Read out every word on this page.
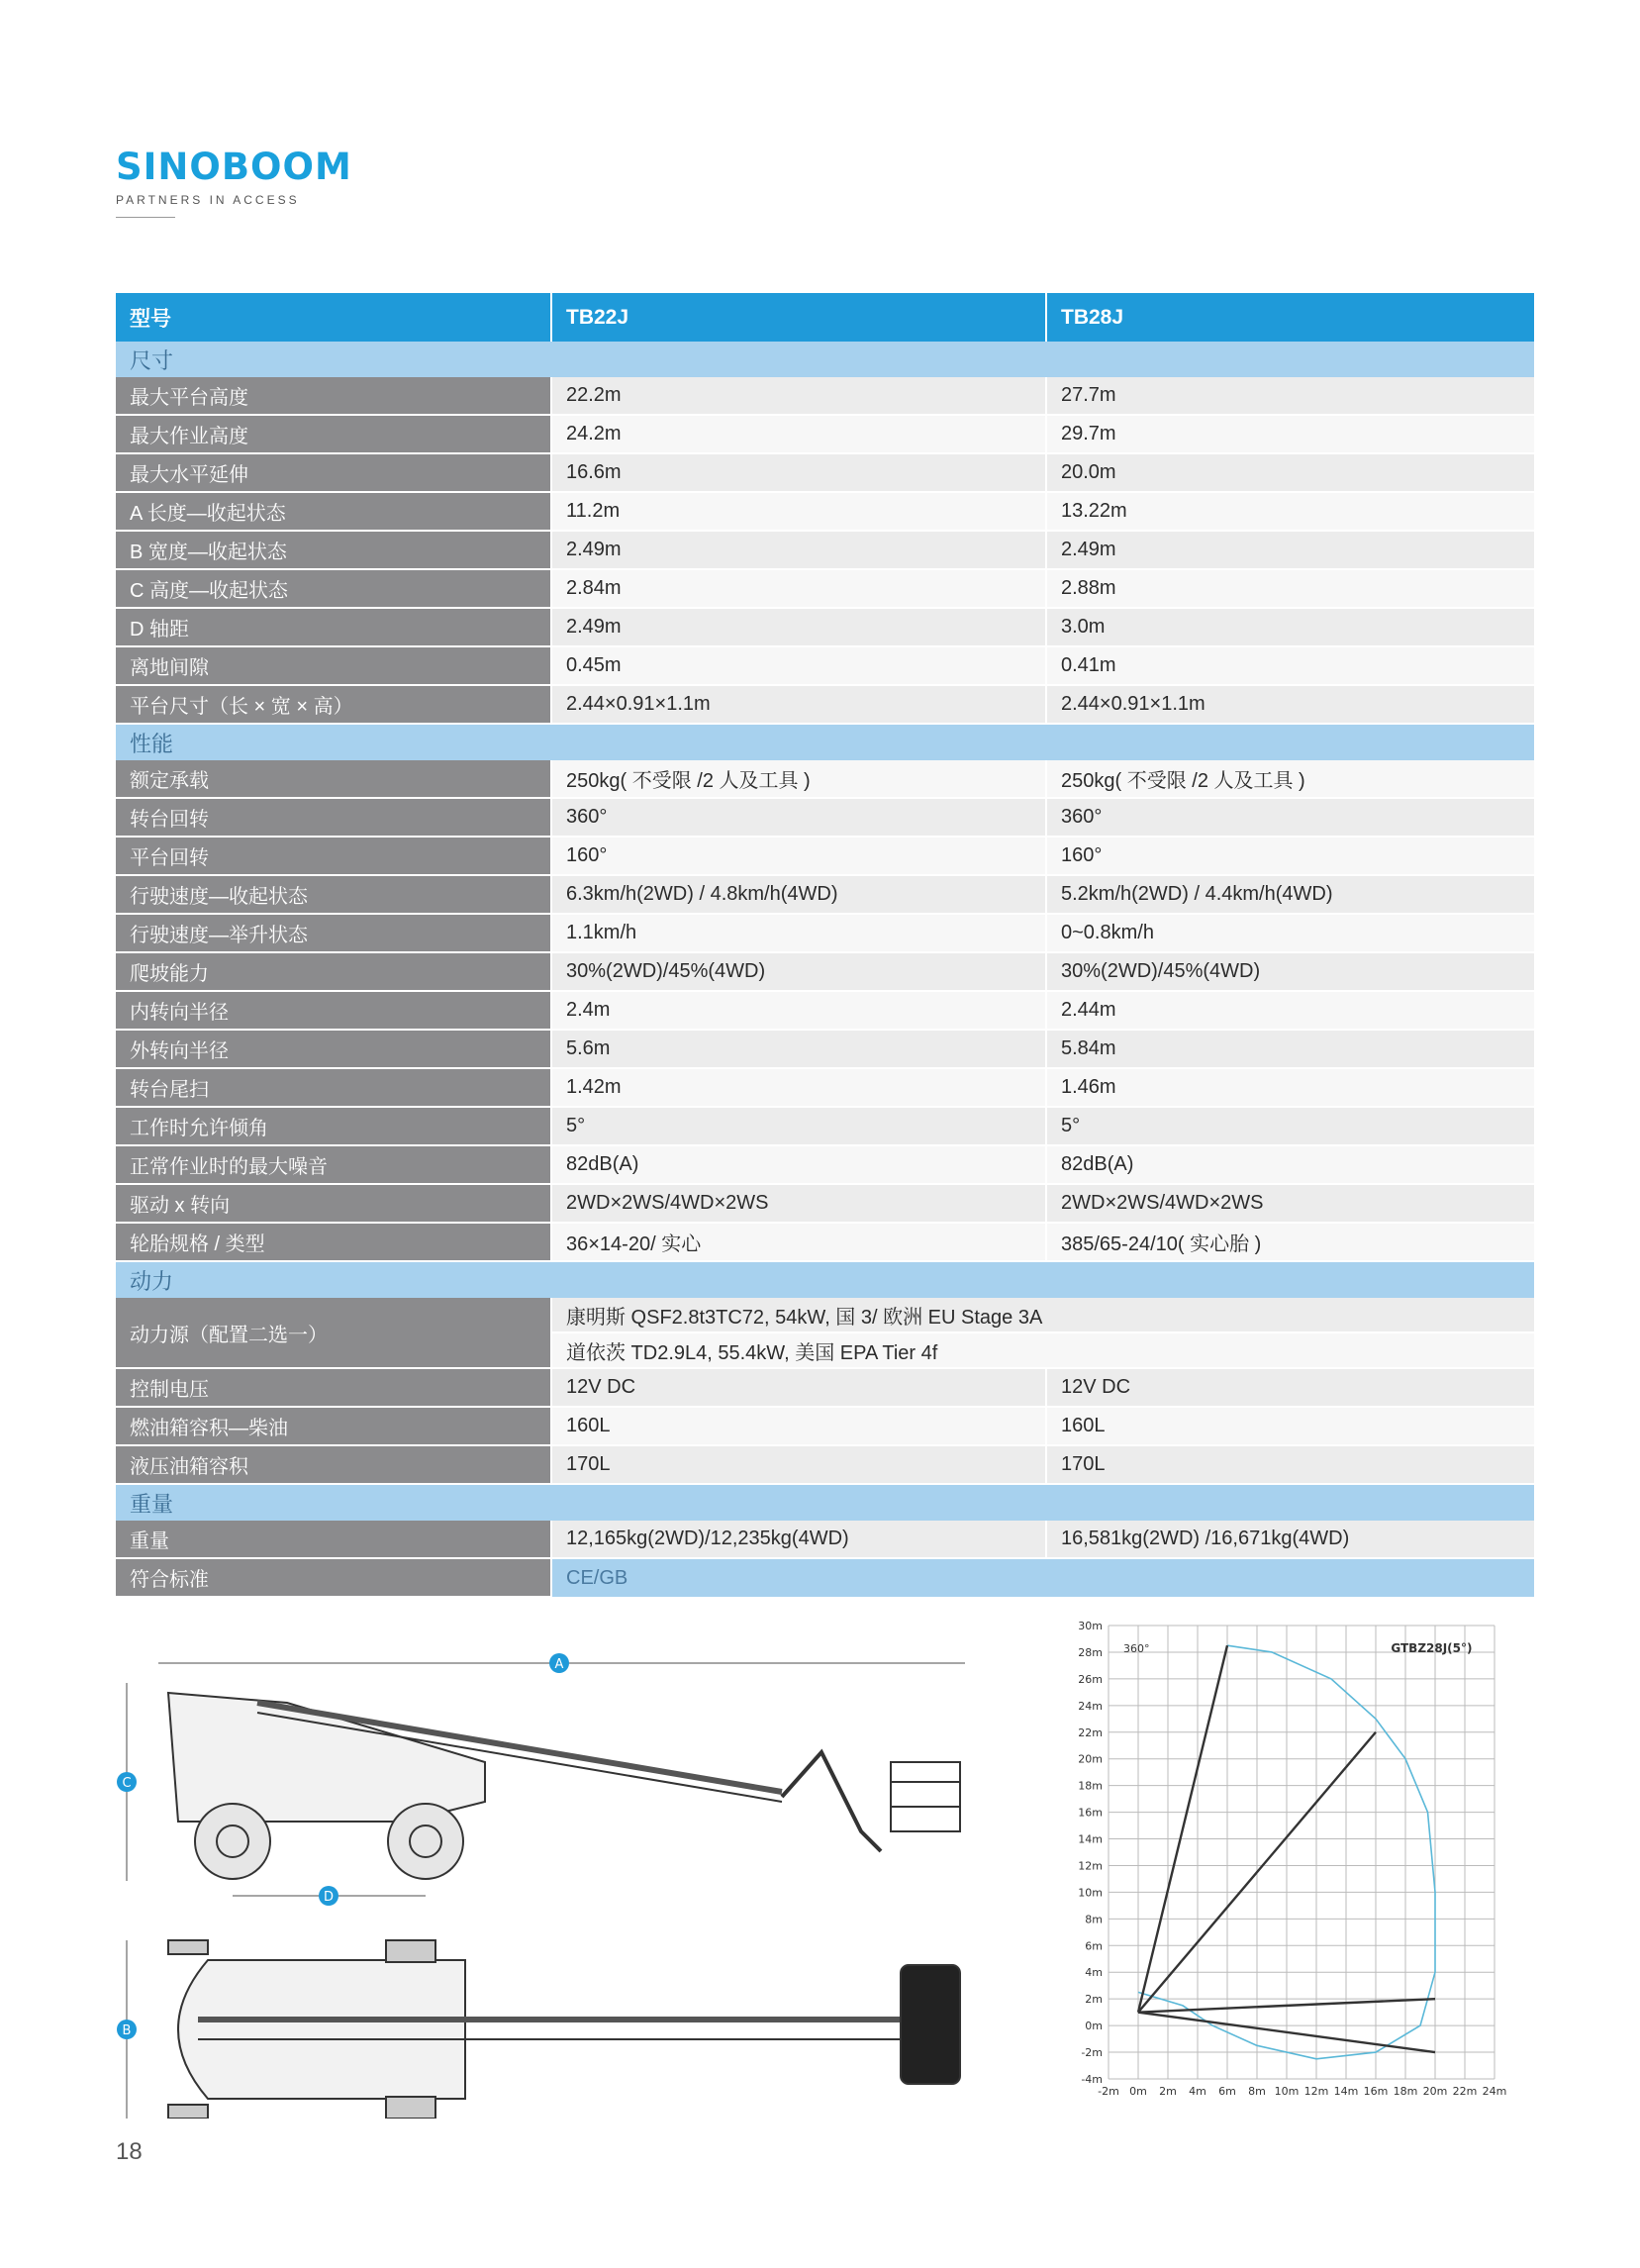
SINOBOOM
PARTNERS IN ACCESS
型号	TB22J	TB28J
尺寸		
最大平台高度	22.2m	27.7m
最大作业高度	24.2m	29.7m
最大水平延伸	16.6m	20.0m
A 长度—收起状态	11.2m	13.22m
B 宽度—收起状态	2.49m	2.49m
C 高度—收起状态	2.84m	2.88m
D 轴距	2.49m	3.0m
离地间隙	0.45m	0.41m
平台尺寸（长 × 宽 × 高）	2.44×0.91×1.1m	2.44×0.91×1.1m
性能		
额定承载	250kg( 不受限 /2 人及工具 )	250kg( 不受限 /2 人及工具 )
转台回转	360°	360°
平台回转	160°	160°
行驶速度—收起状态	6.3km/h(2WD) / 4.8km/h(4WD)	5.2km/h(2WD) / 4.4km/h(4WD)
行驶速度—举升状态	1.1km/h	0~0.8km/h
爬坡能力	30%(2WD)/45%(4WD)	30%(2WD)/45%(4WD)
内转向半径	2.4m	2.44m
外转向半径	5.6m	5.84m
转台尾扫	1.42m	1.46m
工作时允许倾角	5°	5°
正常作业时的最大噪音	82dB(A)	82dB(A)
驱动 x 转向	2WD×2WS/4WD×2WS	2WD×2WS/4WD×2WS
轮胎规格 / 类型	36×14-20/ 实心	385/65-24/10( 实心胎 )
动力		
动力源（配置二选一）	康明斯 QSF2.8t3TC72, 54kW, 国 3/ 欧洲 EU Stage 3A	
	道依茨 TD2.9L4, 55.4kW, 美国 EPA Tier 4f	
控制电压	12V DC	12V DC
燃油箱容积—柴油	160L	160L
液压油箱容积	170L	170L
重量		
重量	12,165kg(2WD)/12,235kg(4WD)	16,581kg(2WD) /16,671kg(4WD)
符合标准	CE/GB	
A
C
D
B
30m
28m
26m
24m
22m
20m
18m
16m
14m
12m
10m
8m
6m
4m
2m
0m
-2m
-4m
-2m 0m 2m 4m 6m 8m 10m 12m 14m 16m 18m 20m 22m 24m
GTBZ28J(5°)
360°
18
